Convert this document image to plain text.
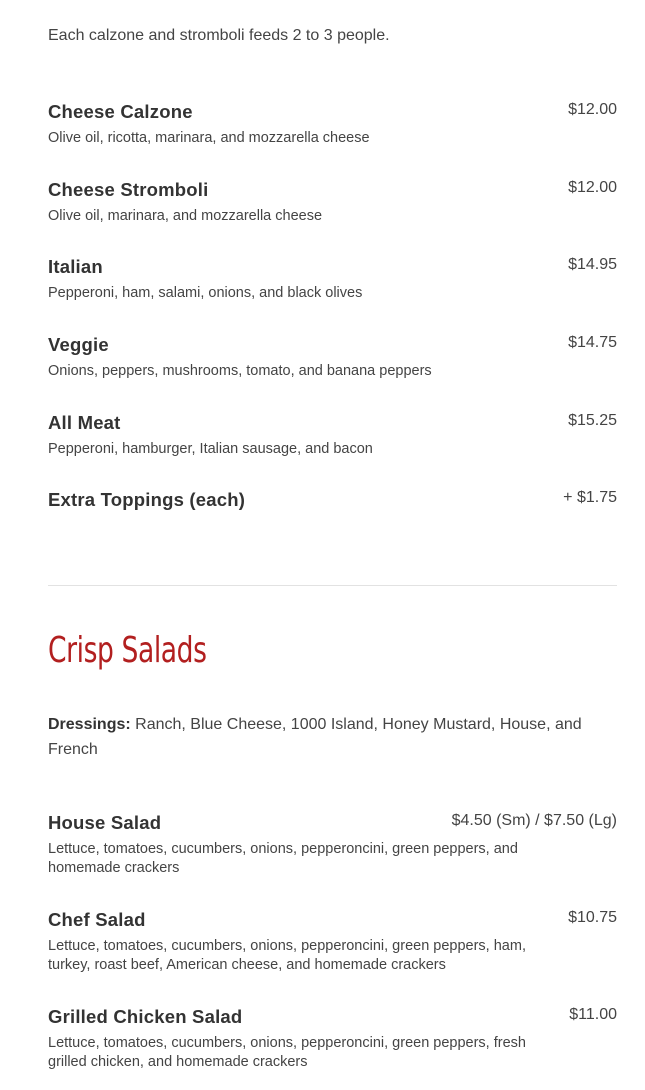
Each calzone and stromboli feeds 2 to 3 people.
Cheese Calzone	$12.00
Olive oil, ricotta, marinara, and mozzarella cheese
Cheese Stromboli	$12.00
Olive oil, marinara, and mozzarella cheese
Italian	$14.95
Pepperoni, ham, salami, onions, and black olives
Veggie	$14.75
Onions, peppers, mushrooms, tomato, and banana peppers
All Meat	$15.25
Pepperoni, hamburger, Italian sausage, and bacon
Extra Toppings (each)	+ $1.75
Crisp Salads
Dressings: Ranch, Blue Cheese, 1000 Island, Honey Mustard, House, and French
House Salad	$4.50 (Sm) / $7.50 (Lg)
Lettuce, tomatoes, cucumbers, onions, pepperoncini, green peppers, and homemade crackers
Chef Salad	$10.75
Lettuce, tomatoes, cucumbers, onions, pepperoncini, green peppers, ham, turkey, roast beef, American cheese, and homemade crackers
Grilled Chicken Salad	$11.00
Lettuce, tomatoes, cucumbers, onions, pepperoncini, green peppers, fresh grilled chicken, and homemade crackers
